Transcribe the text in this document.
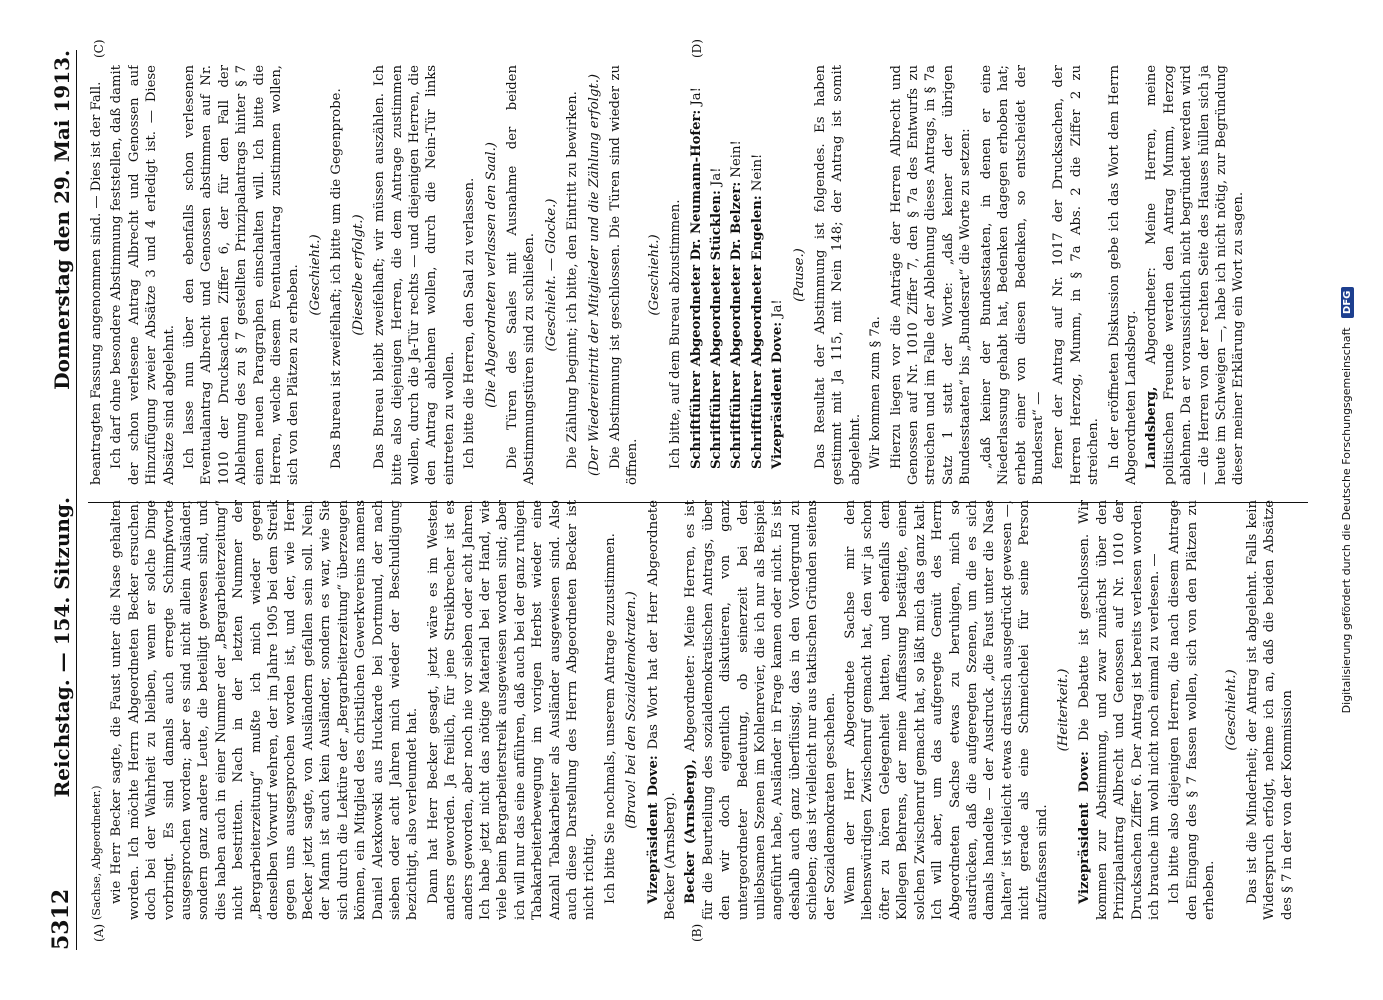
5312
Reichstag. — 154. Sitzung.
Donnerstag den 29. Mai 1913.
(A)	(B)
(C)	(D)

(Sachse, Abgeordneter.) wie Herr Becker sagte, die Faust unter die Nase gehalten worden. Ich möchte Herrn Abgeordneten Becker ersuchen, doch bei der Wahrheit zu bleiben, wenn er solche Dinge vorbringt. Es sind damals auch erregte Schimpfworte ausgesprochen worden; aber es sind nicht allein Ausländer, sondern ganz andere Leute, die beteiligt gewesen sind, und dies haben auch in einer Nummer der „Bergarbeiterzeitung“ nicht bestritten. Nach in der letzten Nummer der „Bergarbeiterzeitung“ mußte ich mich wieder gegen denselben Vorwurf wehren, der im Jahre 1905 bei dem Streik gegen uns ausgesprochen worden ist, und der, wie Herr Becker jetzt sagte, von Ausländern gefallen sein soll. Nein, der Mann ist auch kein Ausländer, sondern es war, wie Sie sich durch die Lektüre der „Bergarbeiterzeitung“ überzeugen können, ein Mitglied des christlichen Gewerkvereins namens Daniel Alexkowski aus Huckarde bei Dortmund, der nach sieben oder acht Jahren mich wieder der Beschuldigung bezichtigt, also verleumdet hat. Dann hat Herr Becker gesagt, jetzt wäre es im Westen anders geworden. Ja freilich, für jene Streikbrecher ist es anders geworden, aber noch nie vor sieben oder acht Jahren. Ich habe jetzt nicht das nötige Material bei der Hand, wie viele beim Bergarbeiterstreik ausgewiesen worden sind; aber ich will nur das eine anführen, daß auch bei der ganz ruhigen Tabakarbeiterbewegung im vorigen Herbst wieder eine Anzahl Tabakarbeiter als Ausländer ausgewiesen sind. Also auch diese Darstellung des Herrn Abgeordneten Becker ist nicht richtig. Ich bitte Sie nochmals, unserem Antrage zuzustimmen. (Bravo! bei den Sozialdemokraten.)

Vizepräsident Dove: Das Wort hat der Herr Abgeordnete Becker (Arnsberg). Becker (Arnsberg), Abgeordneter: Meine Herren, es ist für die Beurteilung des sozialdemokratischen Antrags, über den wir doch eigentlich diskutieren, von ganz untergeordneter Bedeutung, ob seinerzeit bei den unliebsamen Szenen im Kohlenrevier, die ich nur als Beispiel angeführt habe, Ausländer in Frage kamen oder nicht. Es ist deshalb auch ganz überflüssig, das in den Vordergrund zu schieben; das ist vielleicht nur aus taktischen Gründen seitens der Sozialdemokraten geschehen. Wenn der Herr Abgeordnete Sachse mir den liebenswürdigen Zwischenruf gemacht hat, den wir ja schon öfter zu hören Gelegenheit hatten, und ebenfalls dem Kollegen Behrens, der meine Auffassung bestätigte, einen solchen Zwischenruf gemacht hat, so läßt mich das ganz kalt. Ich will aber, um das aufgeregte Gemüt des Herrn Abgeordneten Sachse etwas zu beruhigen, mich so ausdrücken, daß die aufgeregten Szenen, um die es sich damals handelte — der Ausdruck „die Faust unter die Nase halten“ ist vielleicht etwas drastisch ausgedrückt gewesen —, nicht gerade als eine Schmeichelei für seine Person aufzufassen sind.

(Heiterkeit.)

Vizepräsident Dove: Die Debatte ist geschlossen. Wir kommen zur Abstimmung, und zwar zunächst über den Prinzipalantrag Albrecht und Genossen auf Nr. 1010 der Drucksachen Ziffer 6. Der Antrag ist bereits verlesen worden; ich brauche ihn wohl nicht noch einmal zu verlesen. — Ich bitte also diejenigen Herren, die nach diesem Antrage den Eingang des § 7 fassen wollen, sich von den Plätzen zu erheben.

(Geschieht.) Das ist die Minderheit; der Antrag ist abgelehnt. Falls kein Widerspruch erfolgt, nehme ich an, daß die beiden Absätze des § 7 in der von der Kommission

beantragten Fassung angenommen sind. — Dies ist der Fall. Ich darf ohne besondere Abstimmung feststellen, daß damit der schon verlesene Antrag Albrecht und Genossen auf Hinzufügung zweier Absätze 3 und 4 erledigt ist. — Diese Absätze sind abgelehnt. Ich lasse nun über den ebenfalls schon verlesenen Eventualantrag Albrecht und Genossen abstimmen auf Nr. 1010 der Drucksachen Ziffer 6, der für den Fall der Ablehnung des zu § 7 gestellten Prinzipalantrags hinter § 7 einen neuen Paragraphen einschalten will. Ich bitte die Herren, welche diesem Eventualantrag zustimmen wollen, sich von den Plätzen zu erheben. (Geschieht.) Das Bureau ist zweifelhaft; ich bitte um die Gegenprobe. (Dieselbe erfolgt.) Das Bureau bleibt zweifelhaft; wir müssen auszählen. Ich bitte also diejenigen Herren, die dem Antrage zustimmen wollen, durch die Ja-Tür rechts — und diejenigen Herren, die den Antrag ablehnen wollen, durch die Nein-Tür links eintreten zu wollen. Ich bitte die Herren, den Saal zu verlassen. (Die Abgeordneten verlassen den Saal.) Die Türen des Saales mit Ausnahme der beiden Abstimmungstüren sind zu schließen. (Geschieht. — Glocke.) Die Zählung beginnt; ich bitte, den Eintritt zu bewirken. (Der Wiedereintritt der Mitglieder und die Zählung erfolgt.) Die Abstimmung ist geschlossen. Die Türen sind wieder zu öffnen.

(Geschieht.) Ich bitte, auf dem Bureau abzustimmen. Schriftführer Abgeordneter Dr. Neumann-Hofer: Ja!

Schriftführer Abgeordneter Stücklen: Ja!

Schriftführer Abgeordneter Dr. Belzer: Nein!

Schriftführer Abgeordneter Engelen: Nein!

Vizepräsident Dove: Ja!

(Pause.) Das Resultat der Abstimmung ist folgendes. Es haben gestimmt mit Ja 115, mit Nein 148; der Antrag ist somit abgelehnt. Wir kommen zum § 7a. Hierzu liegen vor die Anträge der Herren Albrecht und Genossen auf Nr. 1010 Ziffer 7, den § 7a des Entwurfs zu streichen und im Falle der Ablehnung dieses Antrags, in § 7a Satz 1 statt der Worte: „daß keiner der übrigen Bundesstaaten“ bis „Bundesrat“ die Worte zu setzen: „daß keiner der Bundesstaaten, in denen er eine Niederlassung gehabt hat, Bedenken dagegen erhoben hat; erhebt einer von diesen Bedenken, so entscheidet der Bundesrat“ — ferner der Antrag auf Nr. 1017 der Drucksachen, der Herren Herzog, Mumm, in § 7a Abs. 2 die Ziffer 2 zu streichen. In der eröffneten Diskussion gebe ich das Wort dem Herrn Abgeordneten Landsberg. Landsberg, Abgeordneter: Meine Herren, meine politischen Freunde werden den Antrag Mumm, Herzog ablehnen. Da er voraussichtlich nicht begründet werden wird — die Herren von der rechten Seite des Hauses hüllen sich ja heute im Schweigen —, habe ich nicht nötig, zur Begründung dieser meiner Erklärung ein Wort zu sagen.	Digitalisierung gefördert durch die Deutsche Forschungsgemeinschaft DFG
